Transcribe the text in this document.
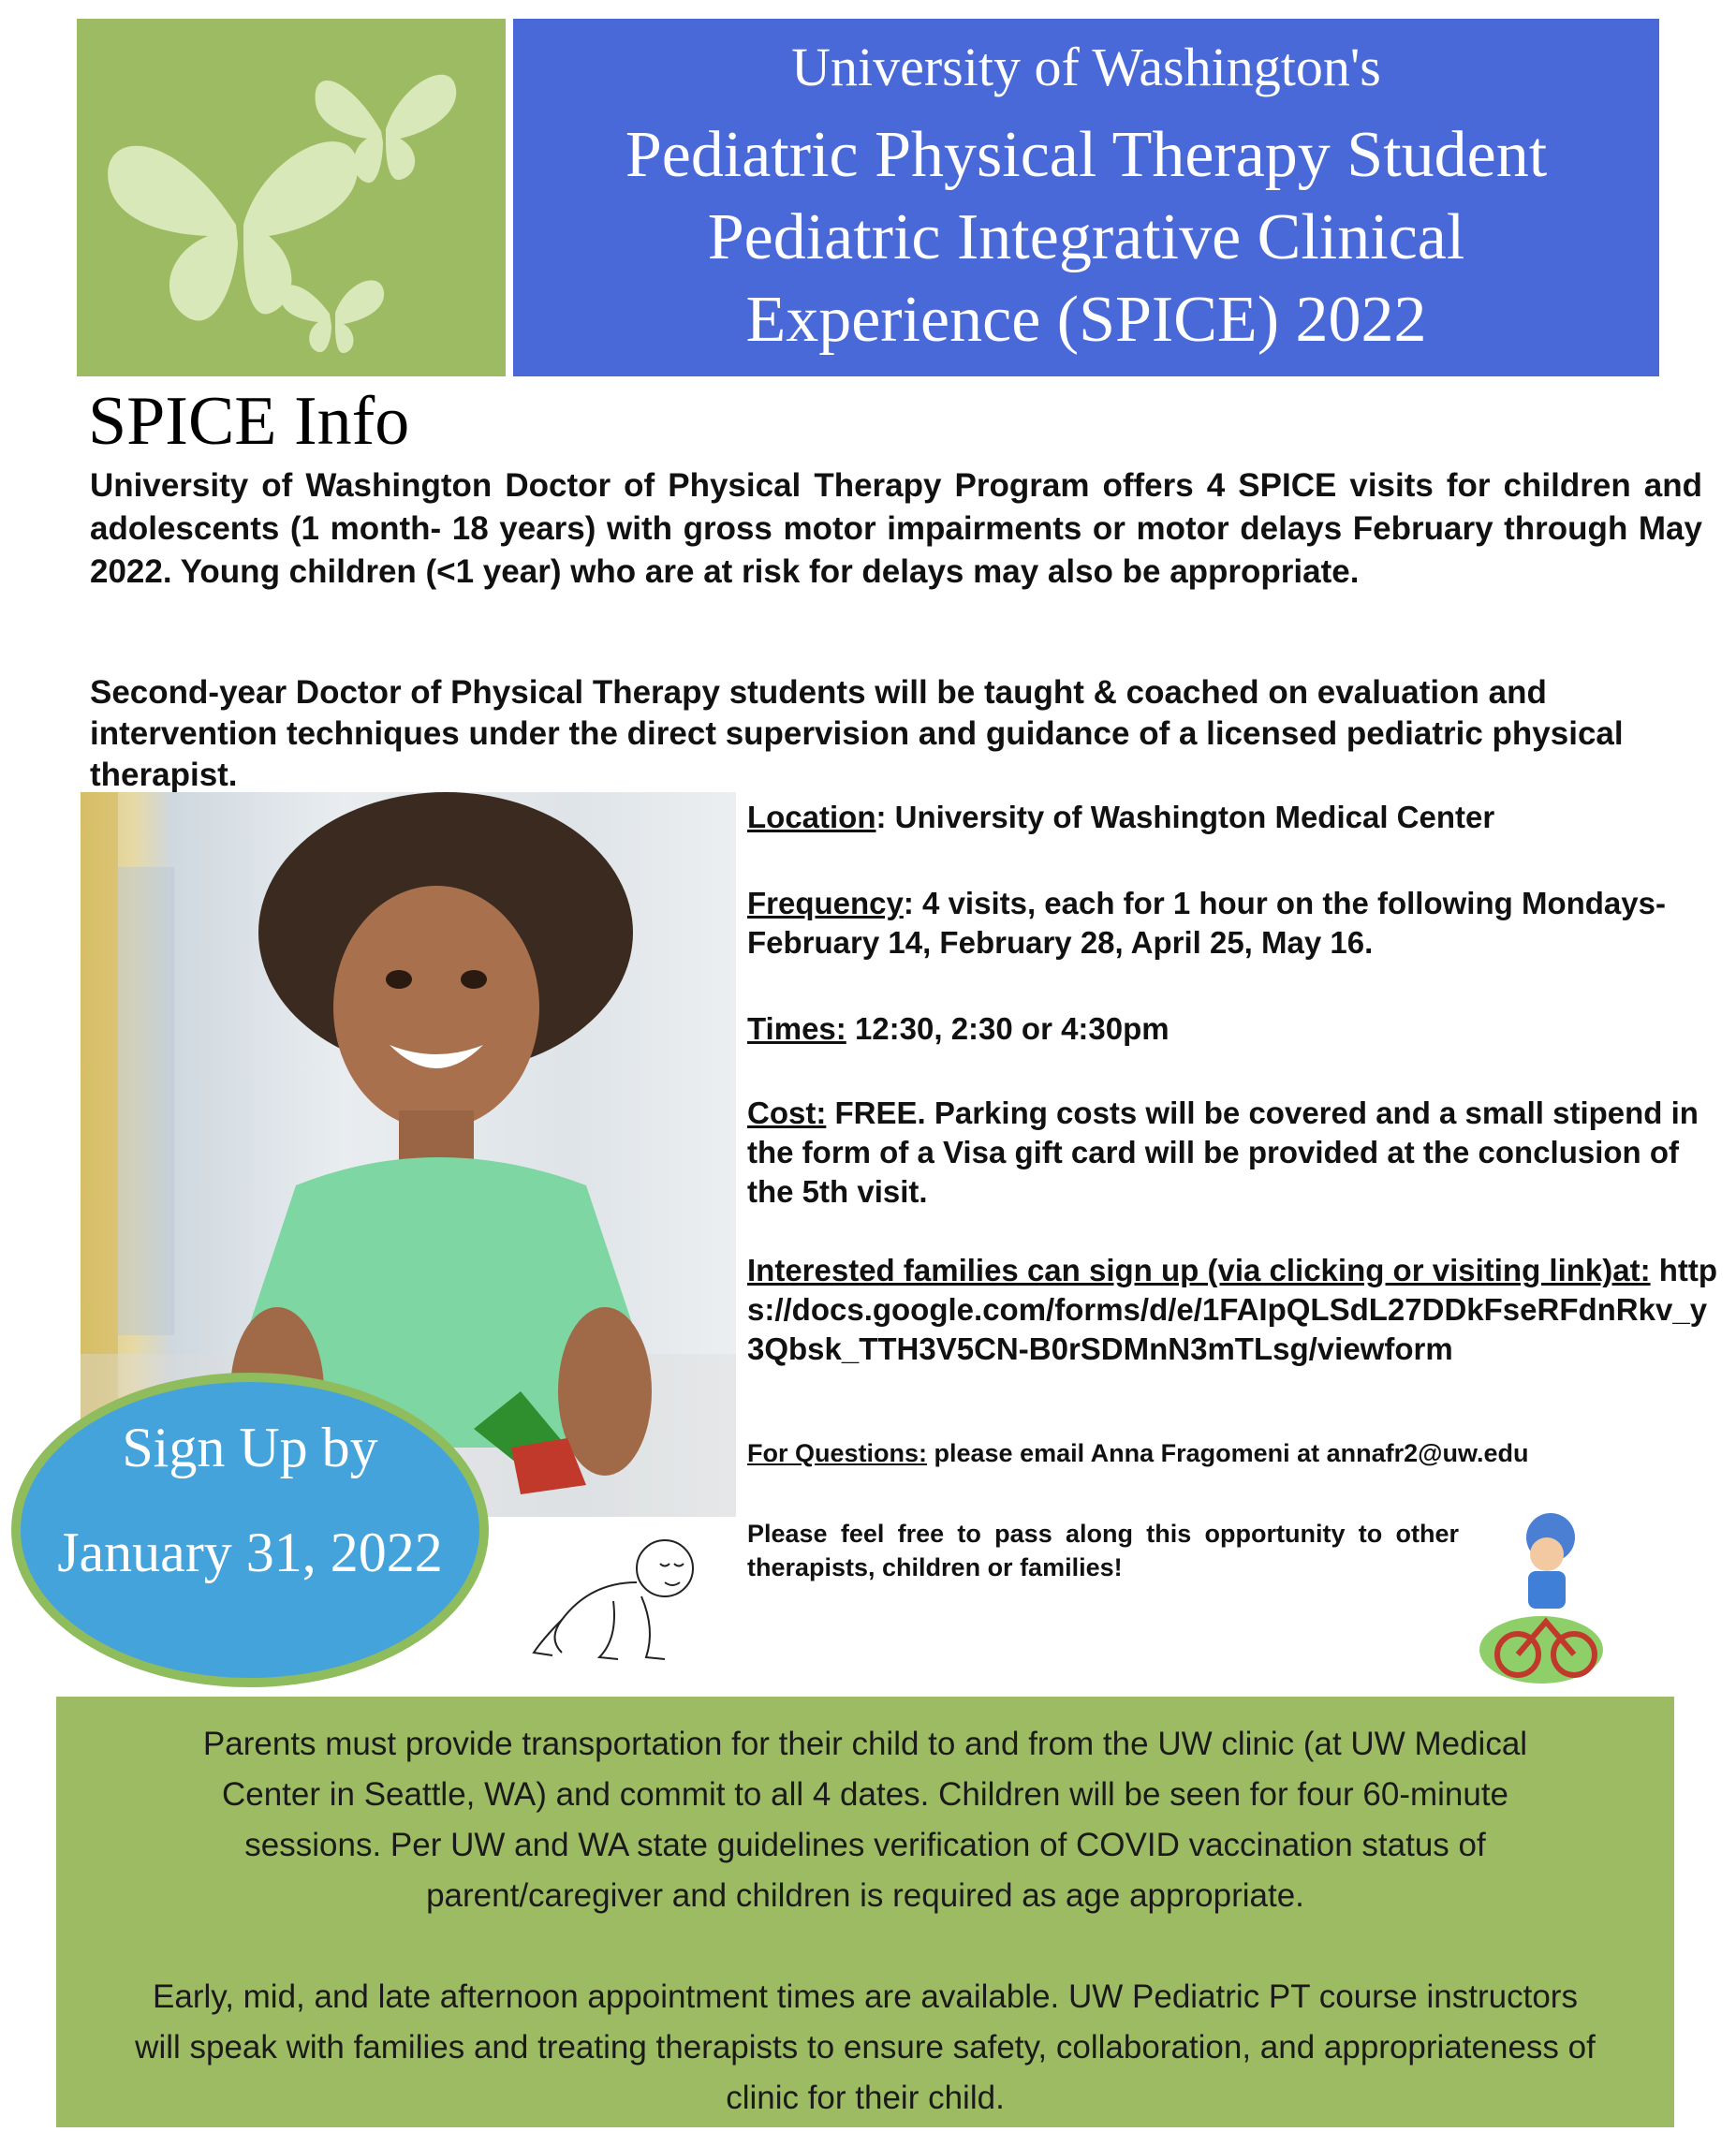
University of Washington's
Pediatric Physical Therapy Student
Pediatric Integrative Clinical
Experience (SPICE) 2022
SPICE Info
University of Washington Doctor of Physical Therapy Program offers 4 SPICE visits for children and adolescents (1 month- 18 years) with gross motor impairments or motor delays February through May 2022. Young children (<1 year) who are at risk for delays may also be appropriate.
Second-year Doctor of Physical Therapy students will be taught & coached on evaluation and intervention techniques under the direct supervision and guidance of a licensed pediatric physical therapist.
Sign Up by
January 31, 2022
Location: University of Washington Medical Center
Frequency: 4 visits, each for 1 hour on the following Mondays- February 14, February 28, April 25, May 16.
Times: 12:30, 2:30 or 4:30pm
Cost: FREE. Parking costs will be covered and a small stipend in the form of a Visa gift card will be provided at the conclusion of the 5th visit.
Interested families can sign up (via clicking or visiting link)at: https://docs.google.com/forms/d/e/1FAIpQLSdL27DDkFseRFdnRkv_y3Qbsk_TTH3V5CN-B0rSDMnN3mTLsg/viewform
For Questions: please email Anna Fragomeni at annafr2@uw.edu
Please feel free to pass along this opportunity to other therapists, children or families!
Parents must provide transportation for their child to and from the UW clinic (at UW Medical Center in Seattle, WA) and commit to all 4 dates. Children will be seen for four 60-minute sessions. Per UW and WA state guidelines verification of COVID vaccination status of parent/caregiver and children is required as age appropriate.
Early, mid, and late afternoon appointment times are available. UW Pediatric PT course instructors will speak with families and treating therapists to ensure safety, collaboration, and appropriateness of clinic for their child.
